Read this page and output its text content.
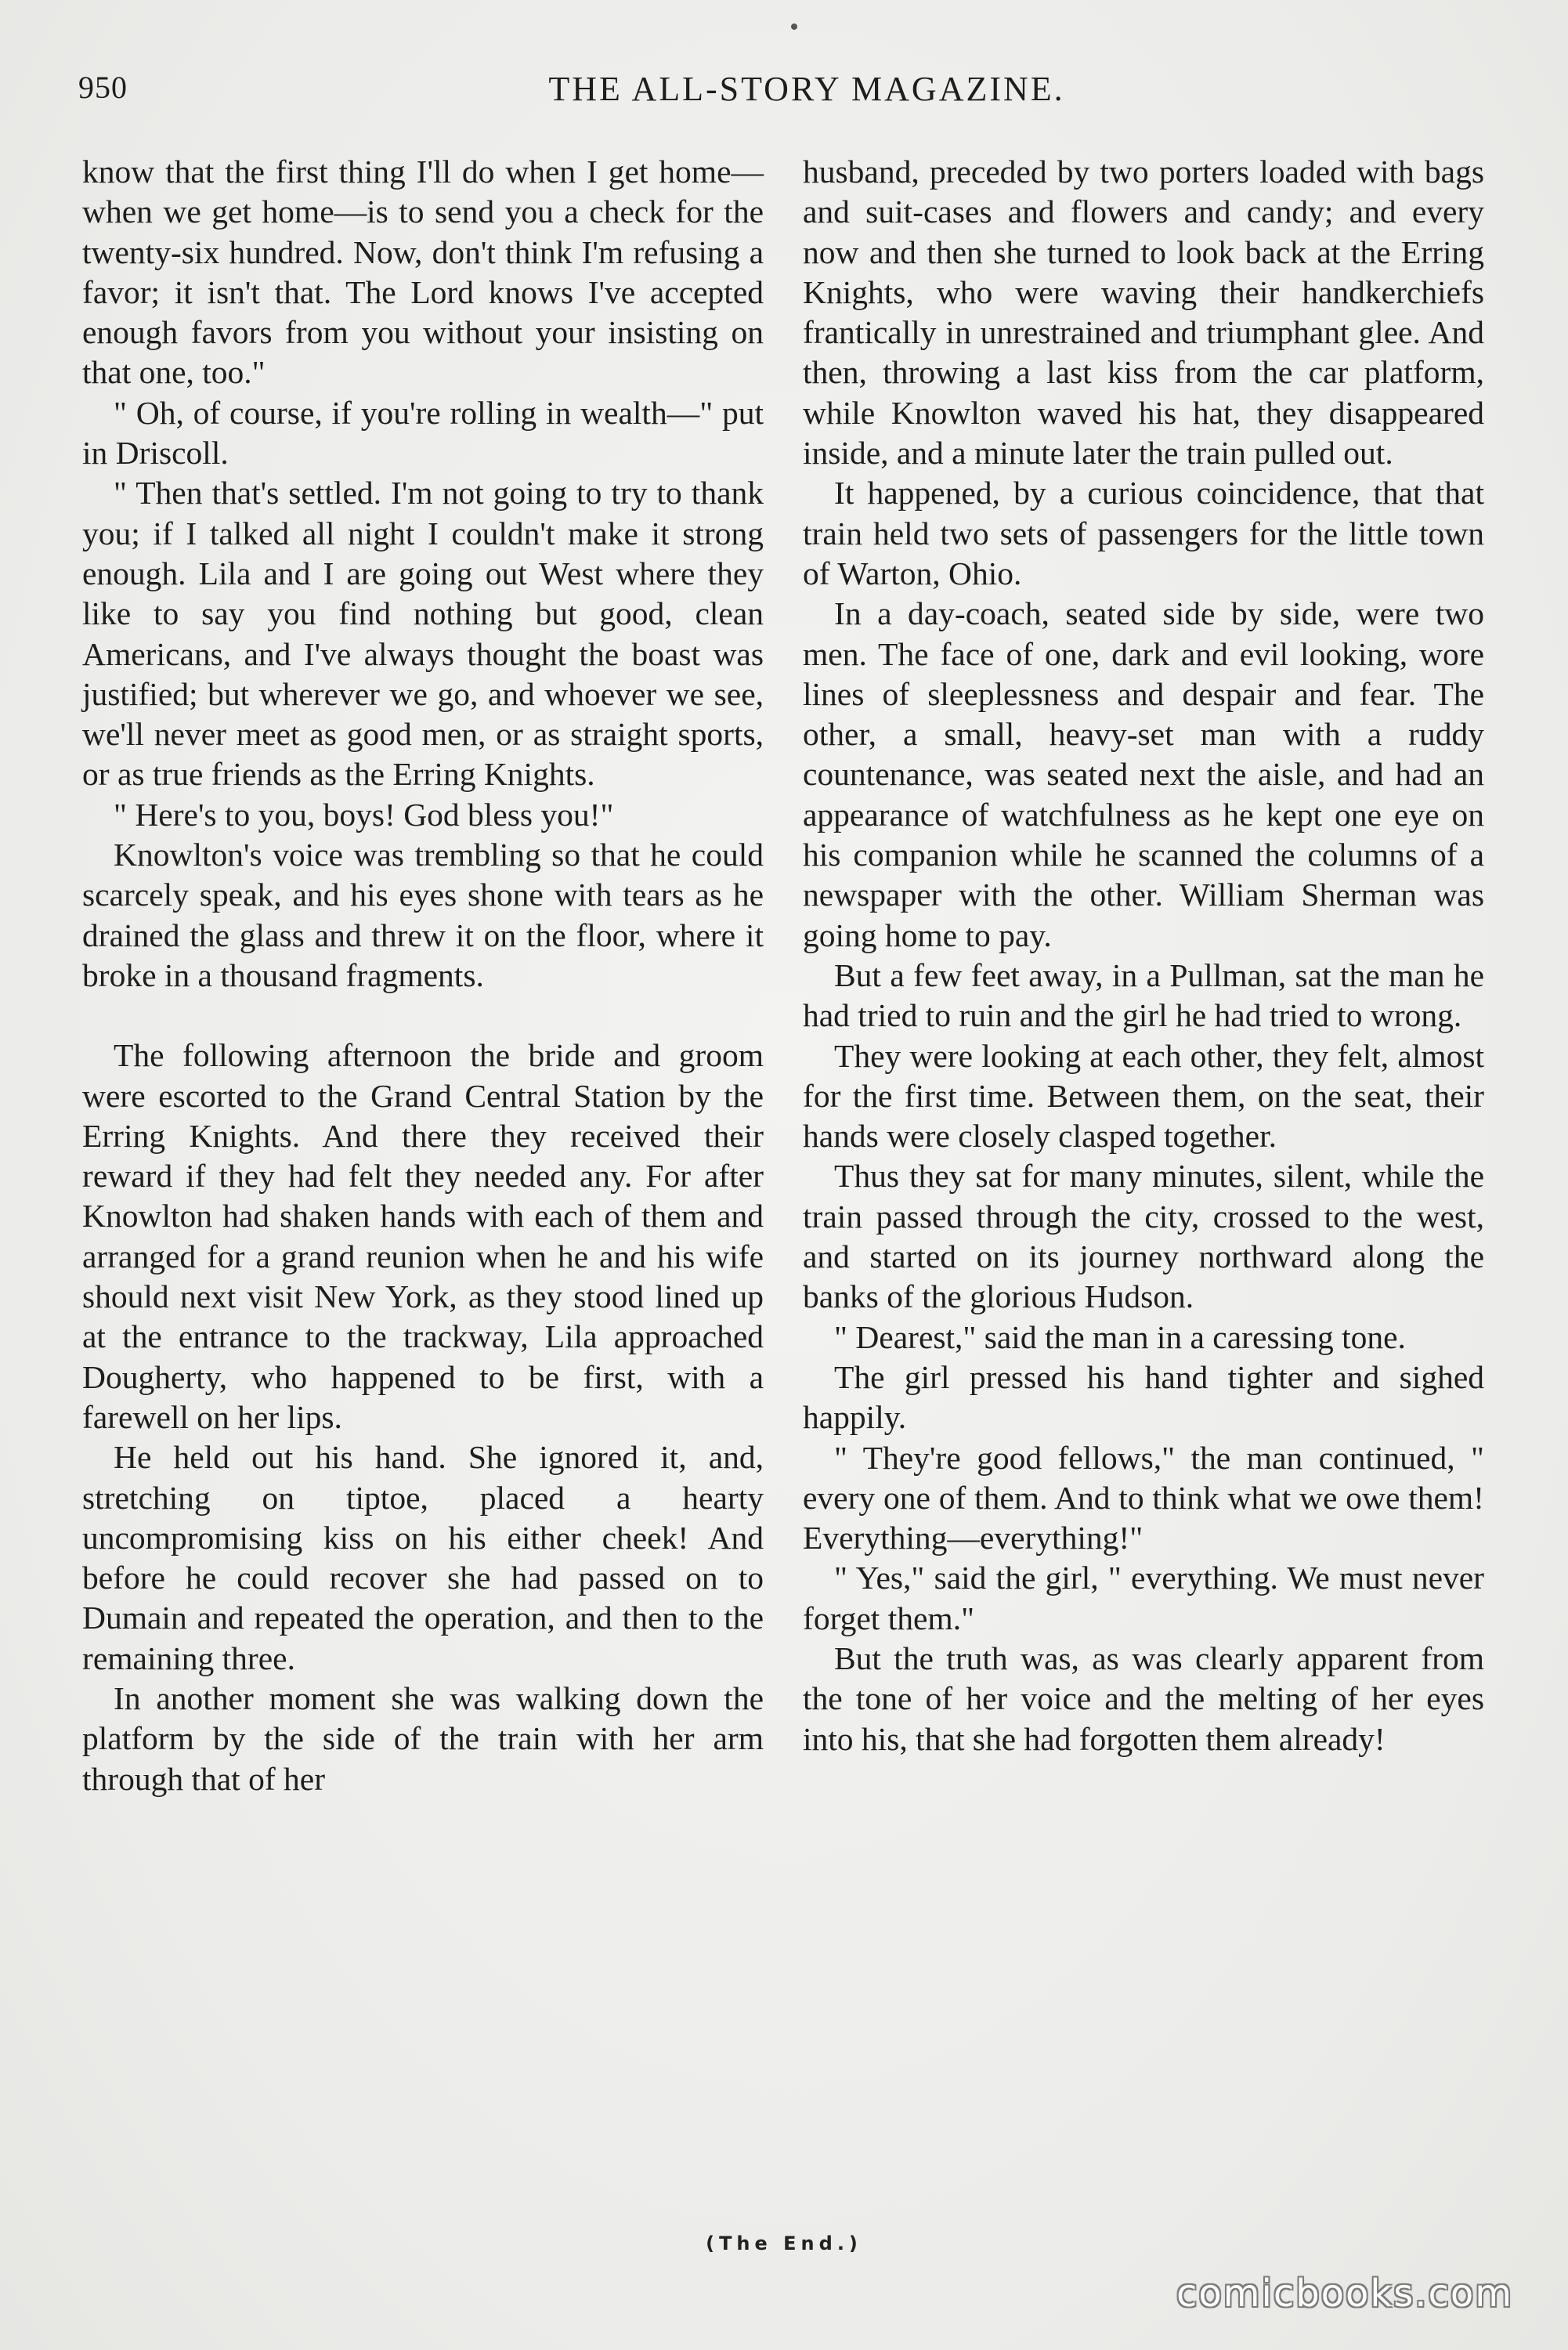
950	THE ALL-STORY MAGAZINE.

know that the first thing I'll do when I get home—when we get home—is to send you a check for the twenty-six hundred. Now, don't think I'm refusing a favor; it isn't that. The Lord knows I've accepted enough favors from you without your insisting on that one, too."

" Oh, of course, if you're rolling in wealth—" put in Driscoll.

" Then that's settled. I'm not going to try to thank you; if I talked all night I couldn't make it strong enough. Lila and I are going out West where they like to say you find nothing but good, clean Americans, and I've always thought the boast was justified; but wherever we go, and whoever we see, we'll never meet as good men, or as straight sports, or as true friends as the Erring Knights.

" Here's to you, boys! God bless you!"

Knowlton's voice was trembling so that he could scarcely speak, and his eyes shone with tears as he drained the glass and threw it on the floor, where it broke in a thousand fragments.

The following afternoon the bride and groom were escorted to the Grand Central Station by the Erring Knights. And there they received their reward if they had felt they needed any. For after Knowlton had shaken hands with each of them and arranged for a grand reunion when he and his wife should next visit New York, as they stood lined up at the entrance to the trackway, Lila approached Dougherty, who happened to be first, with a farewell on her lips.

He held out his hand. She ignored it, and, stretching on tiptoe, placed a hearty uncompromising kiss on his either cheek! And before he could recover she had passed on to Dumain and repeated the operation, and then to the remaining three.

In another moment she was walking down the platform by the side of the train with her arm through that of her

husband, preceded by two porters loaded with bags and suit-cases and flowers and candy; and every now and then she turned to look back at the Erring Knights, who were waving their handkerchiefs frantically in unrestrained and triumphant glee. And then, throwing a last kiss from the car platform, while Knowlton waved his hat, they disappeared inside, and a minute later the train pulled out.

It happened, by a curious coincidence, that that train held two sets of passengers for the little town of Warton, Ohio.

In a day-coach, seated side by side, were two men. The face of one, dark and evil looking, wore lines of sleeplessness and despair and fear. The other, a small, heavy-set man with a ruddy countenance, was seated next the aisle, and had an appearance of watchfulness as he kept one eye on his companion while he scanned the columns of a newspaper with the other. William Sherman was going home to pay.

But a few feet away, in a Pullman, sat the man he had tried to ruin and the girl he had tried to wrong.

They were looking at each other, they felt, almost for the first time. Between them, on the seat, their hands were closely clasped together.

Thus they sat for many minutes, silent, while the train passed through the city, crossed to the west, and started on its journey northward along the banks of the glorious Hudson.

" Dearest," said the man in a caressing tone.

The girl pressed his hand tighter and sighed happily.

" They're good fellows," the man continued, " every one of them. And to think what we owe them! Everything—everything!"

" Yes," said the girl, " everything. We must never forget them."

But the truth was, as was clearly apparent from the tone of her voice and the melting of her eyes into his, that she had forgotten them already!

(The End.)
comicbooks.com
